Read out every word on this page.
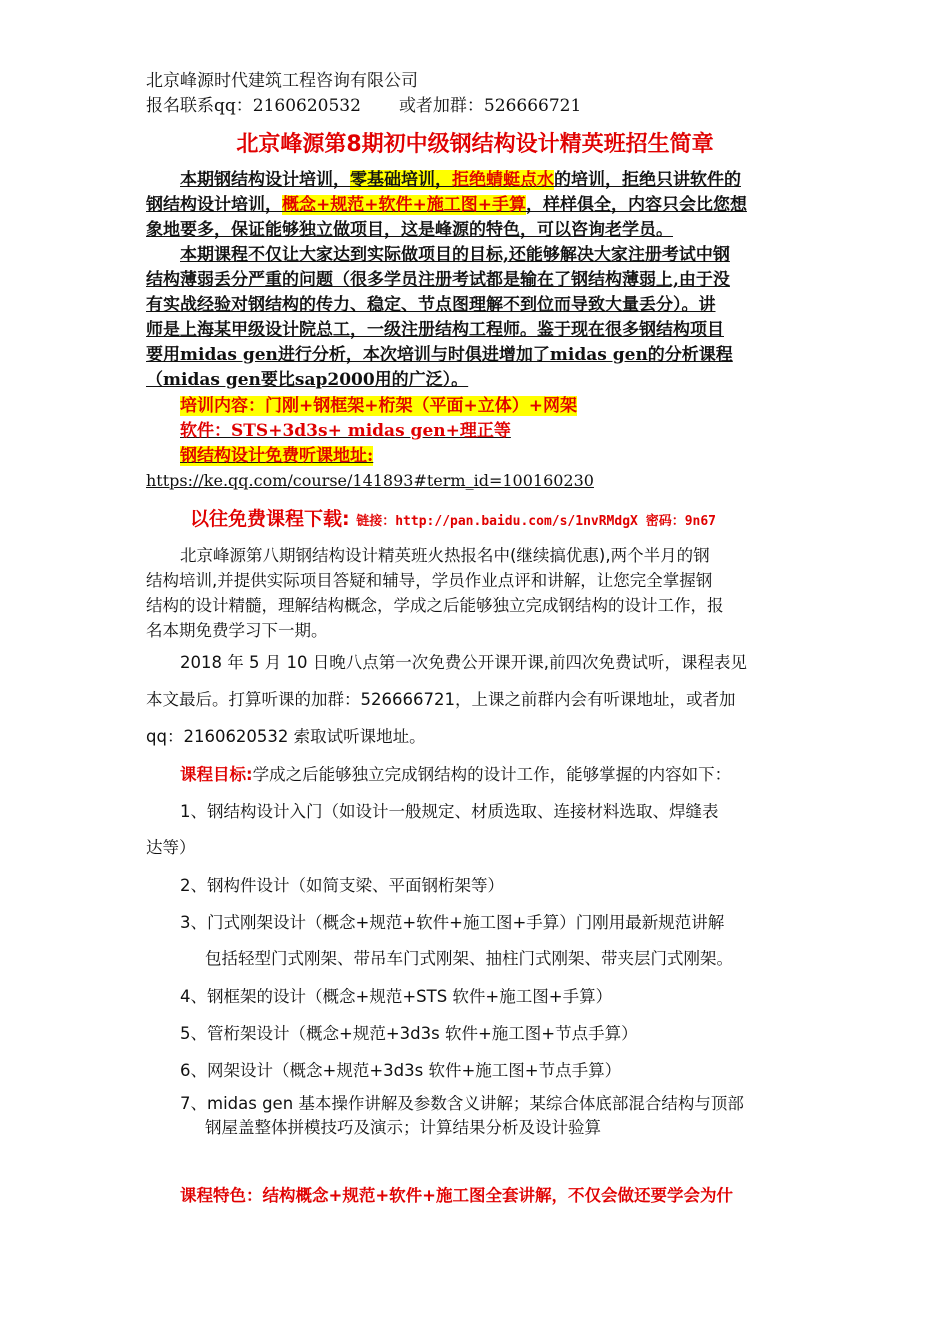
北京峰源时代建筑工程咨询有限公司
报名联系qq：2160620532 或者加群：526666721
北京峰源第8期初中级钢结构设计精英班招生简章
本期钢结构设计培训，零基础培训，拒绝蜻蜓点水的培训，拒绝只讲软件的
钢结构设计培训，概念+规范+软件+施工图+手算，样样俱全，内容只会比您想
象地要多，保证能够独立做项目，这是峰源的特色，可以咨询老学员。
本期课程不仅让大家达到实际做项目的目标,还能够解决大家注册考试中钢
结构薄弱丢分严重的问题（很多学员注册考试都是输在了钢结构薄弱上,由于没
有实战经验对钢结构的传力、稳定、节点图理解不到位而导致大量丢分）。讲
师是上海某甲级设计院总工，一级注册结构工程师。鉴于现在很多钢结构项目
要用midas gen进行分析，本次培训与时俱进增加了midas gen的分析课程
（midas gen要比sap2000用的广泛）。
培训内容：门刚+钢框架+桁架（平面+立体）+网架
软件：STS+3d3s+ midas gen+理正等
钢结构设计免费听课地址:
https://ke.qq.com/course/141893#term_id=100160230
以往免费课程下载: 链接：http://pan.baidu.com/s/1nvRMdgX 密码：9n67
北京峰源第八期钢结构设计精英班火热报名中(继续搞优惠),两个半月的钢
结构培训,并提供实际项目答疑和辅导，学员作业点评和讲解，让您完全掌握钢
结构的设计精髓，理解结构概念，学成之后能够独立完成钢结构的设计工作，报
名本期免费学习下一期。
2018 年 5 月 10 日晚八点第一次免费公开课开课,前四次免费试听，课程表见
本文最后。打算听课的加群：526666721，上课之前群内会有听课地址，或者加
qq：2160620532 索取试听课地址。
课程目标:学成之后能够独立完成钢结构的设计工作，能够掌握的内容如下：
1、钢结构设计入门（如设计一般规定、材质选取、连接材料选取、焊缝表
达等）
2、钢构件设计（如简支梁、平面钢桁架等）
3、门式刚架设计（概念+规范+软件+施工图+手算）门刚用最新规范讲解
包括轻型门式刚架、带吊车门式刚架、抽柱门式刚架、带夹层门式刚架。
4、钢框架的设计（概念+规范+STS 软件+施工图+手算）
5、管桁架设计（概念+规范+3d3s 软件+施工图+节点手算）
6、网架设计（概念+规范+3d3s 软件+施工图+节点手算）
7、midas gen 基本操作讲解及参数含义讲解；某综合体底部混合结构与顶部
钢屋盖整体拼模技巧及演示；计算结果分析及设计验算
课程特色：结构概念+规范+软件+施工图全套讲解，不仅会做还要学会为什
